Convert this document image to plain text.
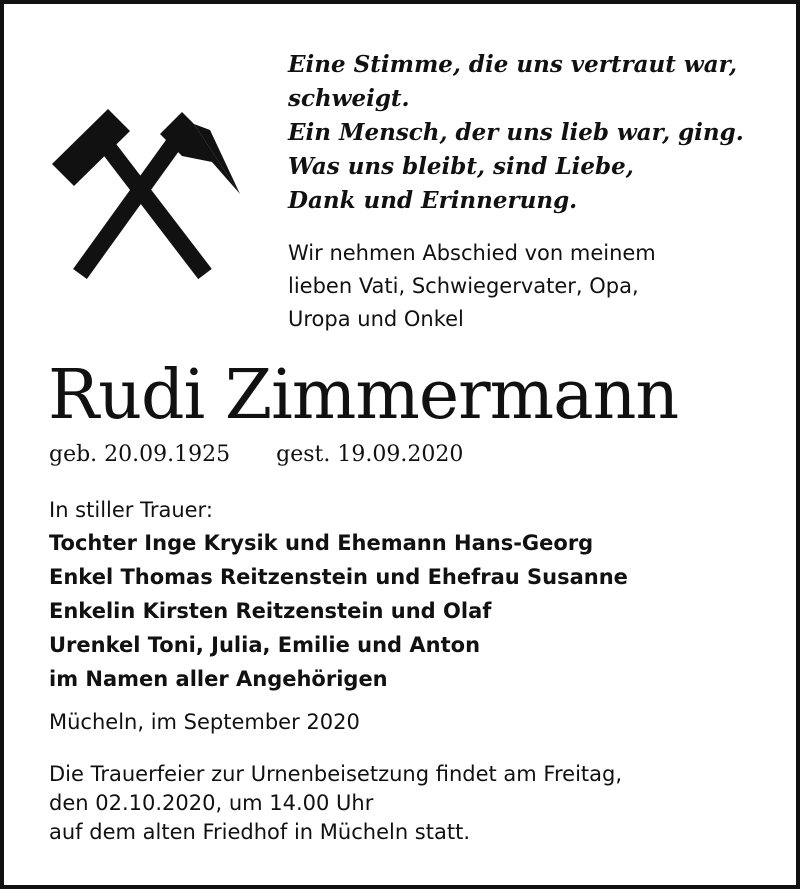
Eine Stimme, die uns vertraut war,
schweigt.
Ein Mensch, der uns lieb war, ging.
Was uns bleibt, sind Liebe,
Dank und Erinnerung.
Wir nehmen Abschied von meinem
lieben Vati, Schwiegervater, Opa,
Uropa und Onkel
Rudi Zimmermann
geb. 20.09.1925 gest. 19.09.2020
In stiller Trauer:
Tochter Inge Krysik und Ehemann Hans-Georg
Enkel Thomas Reitzenstein und Ehefrau Susanne
Enkelin Kirsten Reitzenstein und Olaf
Urenkel Toni, Julia, Emilie und Anton
im Namen aller Angehörigen
Mücheln, im September 2020
Die Trauerfeier zur Urnenbeisetzung findet am Freitag,
den 02.10.2020, um 14.00 Uhr
auf dem alten Friedhof in Mücheln statt.
